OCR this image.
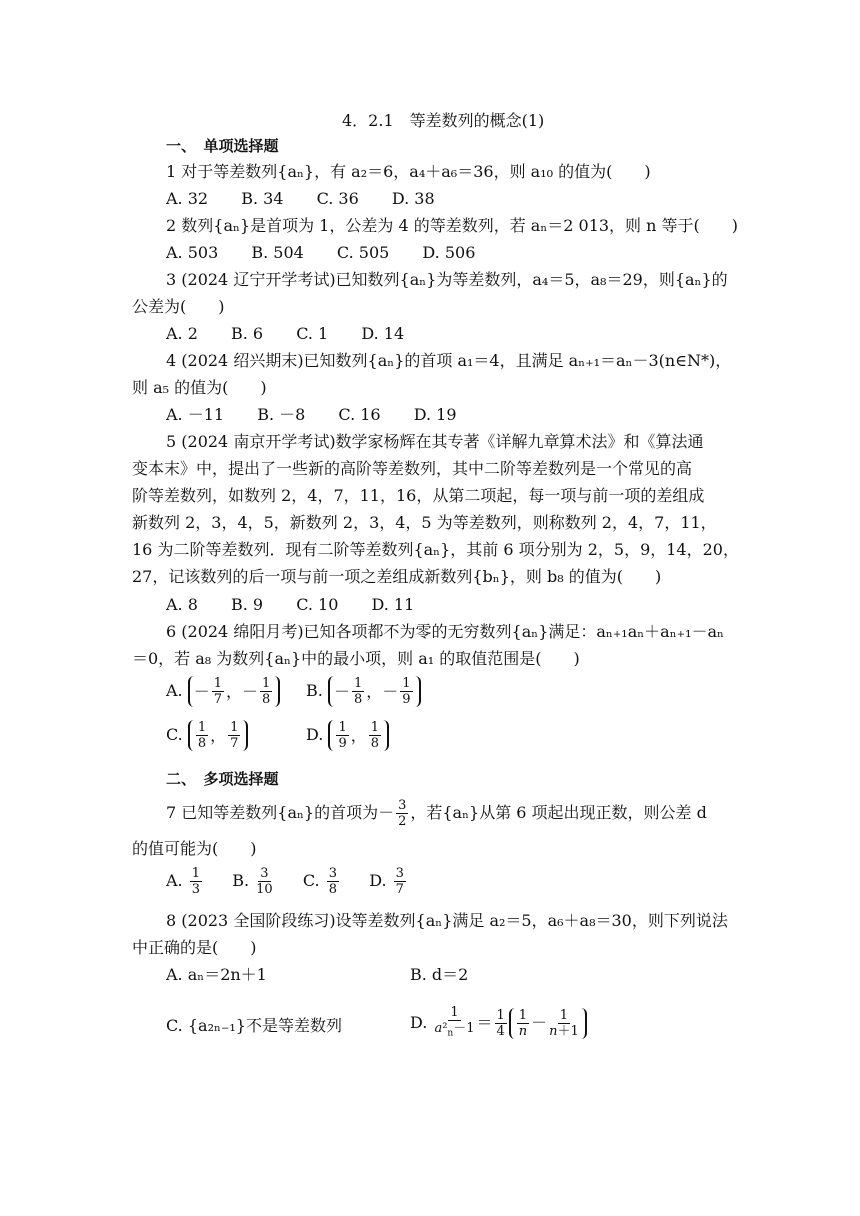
4．2.1　等差数列的概念(1)
一、　单项选择题
1 对于等差数列{aₙ}，有 a₂＝6，a₄＋a₆＝36，则 a₁₀ 的值为(　　)
A. 32 B. 34 C. 36 D. 38
2 数列{aₙ}是首项为 1，公差为 4 的等差数列，若 aₙ＝2 013，则 n 等于(　　)
A. 503 B. 504 C. 505 D. 506
3 (2024 辽宁开学考试)已知数列{aₙ}为等差数列，a₄＝5，a₈＝29，则{aₙ}的
公差为(　　)
A. 2 B. 6 C. 1 D. 14
4 (2024 绍兴期末)已知数列{aₙ}的首项 a₁＝4，且满足 aₙ₊₁＝aₙ－3(n∈N*)，
则 a₅ 的值为(　　)
A. －11 B. －8 C. 16 D. 19
5 (2024 南京开学考试)数学家杨辉在其专著《详解九章算术法》和《算法通
变本末》中，提出了一些新的高阶等差数列，其中二阶等差数列是一个常见的高
阶等差数列，如数列 2，4，7，11，16，从第二项起，每一项与前一项的差组成
新数列 2，3，4，5，新数列 2，3，4，5 为等差数列，则称数列 2，4，7，11，
16 为二阶等差数列．现有二阶等差数列{aₙ}，其前 6 项分别为 2，5，9，14，20，
27，记该数列的后一项与前一项之差组成新数列{bₙ}，则 b₈ 的值为(　　)
A. 8 B. 9 C. 10 D. 11
6 (2024 绵阳月考)已知各项都不为零的无穷数列{aₙ}满足：aₙ₊₁aₙ＋aₙ₊₁－aₙ
＝0，若 a₈ 为数列{aₙ}中的最小项，则 a₁ 的取值范围是(　　)
A. － $\frac{1}{7}$ ，－ $\frac{1}{8} B$. － $\frac{1}{8}$ ，－ $\frac{1}{9}$
C. $\frac{1}{8}$ ， $\frac{1}{7}$	D. $\frac{1}{9}$ ， $\frac{1}{8}$
二、　多项选择题
7 已知等差数列{aₙ}的首项为－ $\frac{3}{2}$ ，若{aₙ}从第 6 项起出现正数，则公差 d
的值可能为(　　)
A. $\frac{1}{3} B$. $\frac{3}{10} C$. $\frac{3}{8} D$. $\frac{3}{7}$
8 (2023 全国阶段练习)设等差数列{aₙ}满足 a₂＝5，a₆＋a₈＝30，则下列说法
中正确的是(　　)
A. aₙ＝2n＋1	B. d＝2
C. {a₂ₙ₋₁}不是等差数列	D. $\frac{1}{a^2_n-1} = \frac{1}{4} \frac{1}{n} - \frac{1}{n+1}$
